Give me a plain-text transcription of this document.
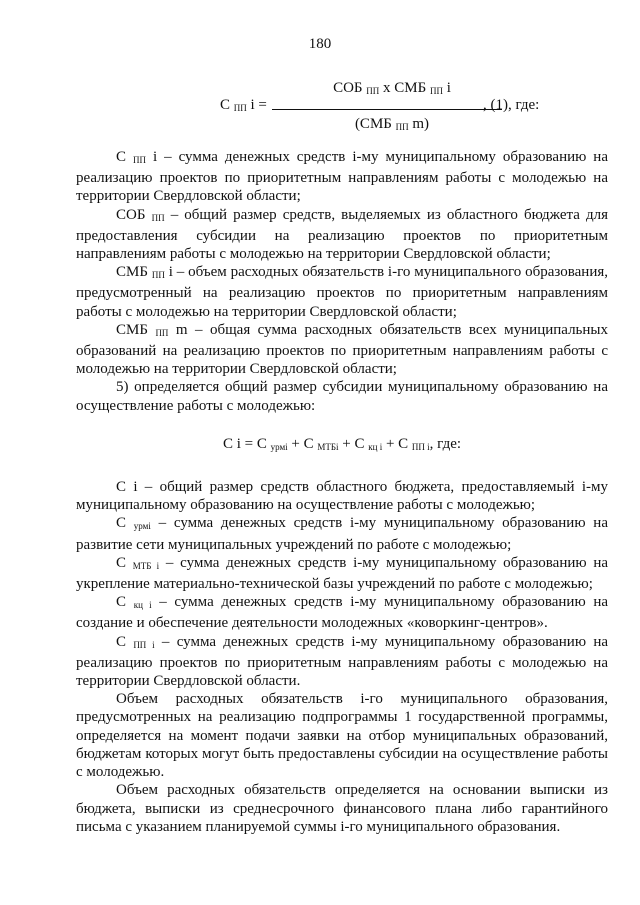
180
С $_{ПП}$ i =
СОБ $_{ПП}$ х СМБ $_{ПП}$ i
(СМБ $_{ПП}$ m)
, (1), где:

С $_{ПП}$ i – сумма денежных средств i-му муниципальному образованию на реализацию проектов по приоритетным направлениям работы с молодежью на территории Свердловской области;

СОБ $_{ПП}$ – общий размер средств, выделяемых из областного бюджета для предоставления субсидии на реализацию проектов по приоритетным направлениям работы с молодежью на территории Свердловской области;

СМБ $_{ПП}$ i – объем расходных обязательств i-го муниципального образования, предусмотренный на реализацию проектов по приоритетным направлениям работы с молодежью на территории Свердловской области;

СМБ $_{ПП}$ m – общая сумма расходных обязательств всех муниципальных образований на реализацию проектов по приоритетным направлениям работы с молодежью на территории Свердловской области;

5) определяется общий размер субсидии муниципальному образованию на осуществление работы с молодежью:

С i = С $_{урмi}$ + С $_{МТБi}$ + С $_{кц i}$ + С $_{ПП i}$, где:

С i – общий размер средств областного бюджета, предоставляемый i-му муниципальному образованию на осуществление работы с молодежью;

С $_{урмi}$ – сумма денежных средств i-му муниципальному образованию на развитие сети муниципальных учреждений по работе с молодежью;

С $_{МТБ i}$ – сумма денежных средств i-му муниципальному образованию на укрепление материально-технической базы учреждений по работе с молодежью;

С $_{кц i}$ – сумма денежных средств i-му муниципальному образованию на создание и обеспечение деятельности молодежных «коворкинг-центров».

С $_{ПП i}$ – сумма денежных средств i-му муниципальному образованию на реализацию проектов по приоритетным направлениям работы с молодежью на территории Свердловской области.

Объем расходных обязательств i-го муниципального образования, предусмотренных на реализацию подпрограммы 1 государственной программы, определяется на момент подачи заявки на отбор муниципальных образований, бюджетам которых могут быть предоставлены субсидии на осуществление работы с молодежью.

Объем расходных обязательств определяется на основании выписки из бюджета, выписки из среднесрочного финансового плана либо гарантийного письма с указанием планируемой суммы i-го муниципального образования.
